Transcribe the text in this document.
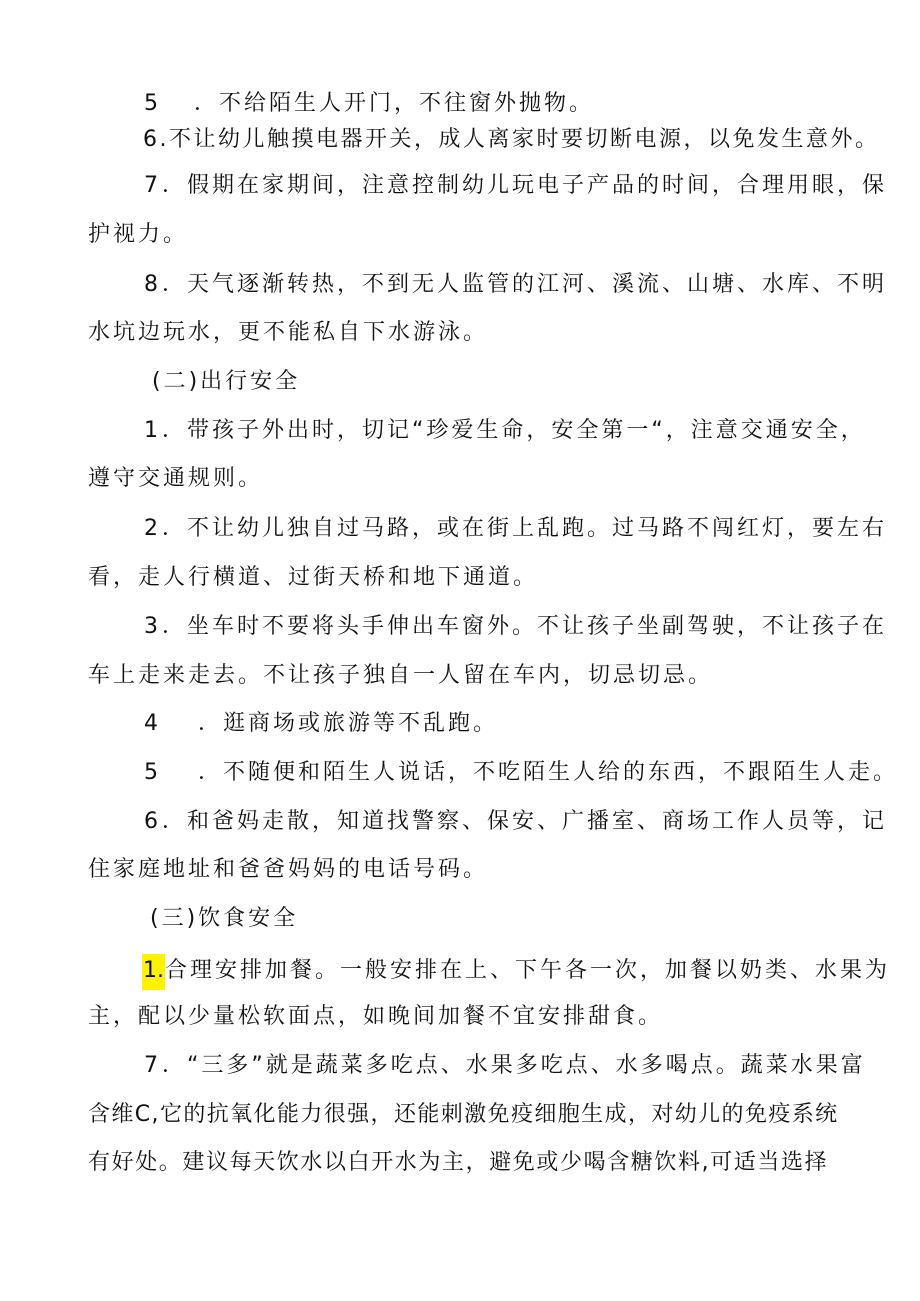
5 ．不给陌生人开门，不往窗外抛物。
6.不让幼儿触摸电器开关，成人离家时要切断电源，以免发生意外。
7．假期在家期间，注意控制幼儿玩电子产品的时间，合理用眼，保
护视力。
8．天气逐渐转热，不到无人监管的江河、溪流、山塘、水库、不明
水坑边玩水，更不能私自下水游泳。
(二)出行安全
1．带孩子外出时，切记“珍爱生命，安全第一“，注意交通安全，
遵守交通规则。
2．不让幼儿独自过马路，或在街上乱跑。过马路不闯红灯，要左右
看，走人行横道、过街天桥和地下通道。
3．坐车时不要将头手伸出车窗外。不让孩子坐副驾驶，不让孩子在
车上走来走去。不让孩子独自一人留在车内，切忌切忌。
4 ．逛商场或旅游等不乱跑。
5 ．不随便和陌生人说话，不吃陌生人给的东西，不跟陌生人走。
6．和爸妈走散，知道找警察、保安、广播室、商场工作人员等，记
住家庭地址和爸爸妈妈的电话号码。
(三)饮食安全
1.合理安排加餐。一般安排在上、下午各一次，加餐以奶类、水果为
主，配以少量松软面点，如晚间加餐不宜安排甜食。
7．“三多”就是蔬菜多吃点、水果多吃点、水多喝点。蔬菜水果富
含维C,它的抗氧化能力很强，还能刺激免疫细胞生成，对幼儿的免疫系统
有好处。建议每天饮水以白开水为主，避免或少喝含糖饮料,可适当选择
